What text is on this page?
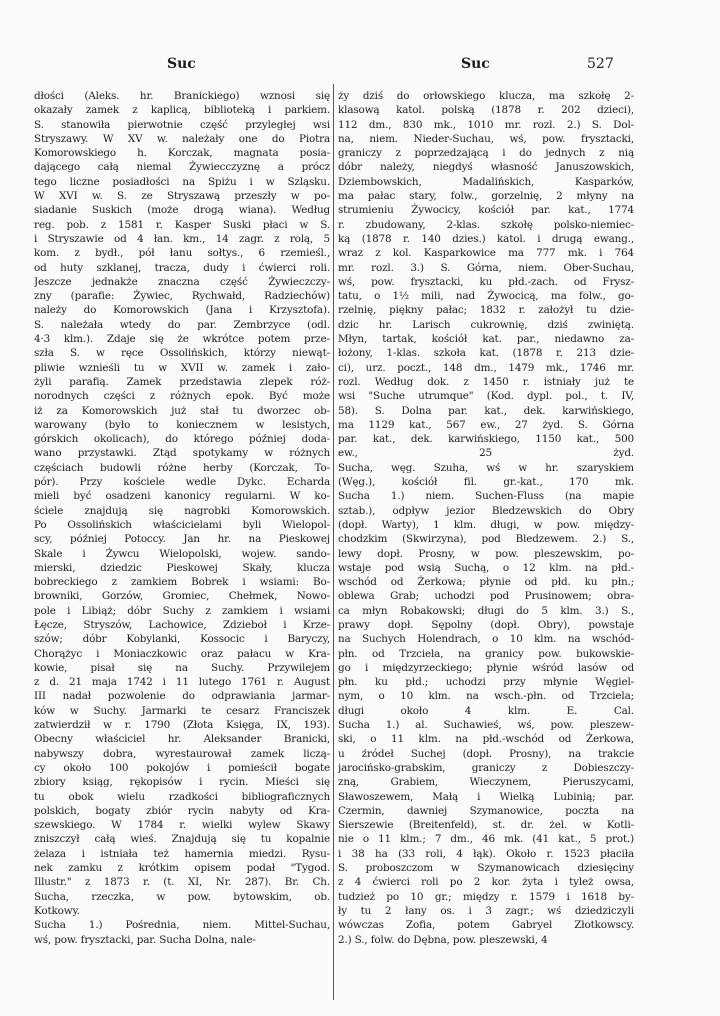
Suc	Suc	527

dłości (Aleks. hr. Branickiego) wznosi się

okazały zamek z kaplicą, biblioteką i parkiem.

S. stanowiła pierwotnie część przyległej wsi

Stryszawy. W XV w. należały one do Piotra

Komorowskiego h. Korczak, magnata posia-

dającego całą niemal Żywiecczyznę a prócz

tego liczne posiadłości na Spiżu i w Szląsku.

W XVI w. S. ze Stryszawą przeszły w po-

siadanie Suskich (może drogą wiana). Według

reg. pob. z 1581 r. Kasper Suski płaci w S.

i Stryszawie od 4 łan. km., 14 zagr. z rolą, 5

kom. z bydł., pół łanu sołtys., 6 rzemieśl.,

od huty szklanej, tracza, dudy i ćwierci roli.

Jeszcze jednakże znaczna część Żywieczczy-

zny (parafie: Żywiec, Rychwałd, Radziechów)

należy do Komorowskich (Jana i Krzysztofa).

S. należała wtedy do par. Zembrzyce (odl.

4·3 klm.). Zdaje się że wkrótce potem prze-

szła S. w ręce Ossolińskich, którzy niewąt-

pliwie wznieśli tu w XVII w. zamek i zało-

żyli parafią. Zamek przedstawia zlepek róż-

norodnych części z różnych epok. Być może

iż za Komorowskich już stał tu dworzec ob-

warowany (było to koniecznem w lesistych,

górskich okolicach), do którego później doda-

wano przystawki. Ztąd spotykamy w różnych

częściach budowli różne herby (Korczak, To-

pór). Przy kościele wedle Dykc. Echarda

mieli być osadzeni kanonicy regularni. W ko-

ściele znajdują się nagrobki Komorowskich.

Po Ossolińskich właścicielami byli Wielopol-

scy, później Potoccy. Jan hr. na Pieskowej

Skale i Żywcu Wielopolski, wojew. sando-

mierski, dziedzic Pieskowej Skały, klucza

bobreckiego z zamkiem Bobrek i wsiami: Bo-

browniki, Gorzów, Gromiec, Chełmek, Nowo-

pole i Libiąż; dóbr Suchy z zamkiem i wsiami

Łęcze, Stryszów, Lachowice, Zdzieboł i Krze-

szów; dóbr Kobylanki, Kossocic i Baryczy,

Chorążyc i Moniaczkowic oraz pałacu w Kra-

kowie, pisał się na Suchy. Przywilejem

z d. 21 maja 1742 i 11 lutego 1761 r. August

III nadał pozwolenie do odprawiania jarmar-

ków w Suchy. Jarmarki te cesarz Franciszek

zatwierdził w r. 1790 (Złota Księga, IX, 193).

Obecny właściciel hr. Aleksander Branicki,

nabywszy dobra, wyrestaurował zamek liczą-

cy około 100 pokojów i pomieścił bogate

zbiory ksiąg, rękopisów i rycin. Mieści się

tu obok wielu rzadkości bibliograficznych

polskich, bogaty zbiór rycin nabyty od Kra-

szewskiego. W 1784 r. wielki wylew Skawy

zniszczył całą wieś. Znajdują się tu kopalnie

żelaza i istniała też hamernia miedzi. Rysu-

nek zamku z krótkim opisem podał "Tygod.

Illustr." z 1873 r. (t. XI, Nr. 287). Br. Ch.

Sucha, rzeczka, w pow. bytowskim, ob.

Kotkowy.

Sucha 1.) Pośrednia, niem. Mittel-Suchau,

wś, pow. frysztacki, par. Sucha Dolna, nale-

ży dziś do orłowskiego klucza, ma szkołę 2-

klasową katol. polską (1878 r. 202 dzieci),

112 dm., 830 mk., 1010 mr. rozl. 2.) S. Dol-

na, niem. Nieder-Suchau, wś, pow. frysztacki,

graniczy z poprzedzającą i do jednych z nią

dóbr należy, niegdyś własność Januszowskich,

Dziembowskich, Madalińskich, Kasparków,

ma pałac stary, folw., gorzelnię, 2 młyny na

strumieniu Żywocicy, kościół par. kat., 1774

r. zbudowany, 2-klas. szkołę polsko-niemiec-

ką (1878 r. 140 dzies.) katol. i drugą ewang.,

wraz z kol. Kasparkowice ma 777 mk. i 764

mr. rozl. 3.) S. Górna, niem. Ober-Suchau,

wś, pow. frysztacki, ku płd.-zach. od Frysz-

tatu, o 1½ mili, nad Żywocicą, ma folw., go-

rzelnię, piękny pałac; 1832 r. założył tu dzie-

dzic hr. Larisch cukrownię, dziś zwiniętą.

Młyn, tartak, kościół kat. par., niedawno za-

łożony, 1-klas. szkoła kat. (1878 r. 213 dzie-

ci), urz. poczt., 148 dm., 1479 mk., 1746 mr.

rozl. Według dok. z 1450 r. istniały już te

wsi "Suche utrumque" (Kod. dypl. pol., t. IV,

58). S. Dolna par. kat., dek. karwińskiego,

ma 1129 kat., 567 ew., 27 żyd. S. Górna

par. kat., dek. karwińskiego, 1150 kat., 500

ew., 25 żyd.

Sucha, węg. Szuha, wś w hr. szaryskiem

(Węg.), kościół fil. gr.-kat., 170 mk.

Sucha 1.) niem. Suchen-Fluss (na mapie

sztab.), odpływ jezior Bledzewskich do Obry

(dopł. Warty), 1 klm. długi, w pow. między-

chodzkim (Skwirzyna), pod Bledzewem. 2.) S.,

lewy dopł. Prosny, w pow. pleszewskim, po-

wstaje pod wsią Suchą, o 12 klm. na płd.-

wschód od Żerkowa; płynie od płd. ku płn.;

oblewa Grab; uchodzi pod Prusinowem; obra-

ca młyn Robakowski; długi do 5 klm. 3.) S.,

prawy dopł. Sępolny (dopł. Obry), powstaje

na Suchych Holendrach, o 10 klm. na wschód-

płn. od Trzciela, na granicy pow. bukowskie-

go i międzyrzeckiego; płynie wśród lasów od

płn. ku płd.; uchodzi przy młynie Węgiel-

nym, o 10 klm. na wsch.-płn. od Trzciela;

długi około 4 klm. E. Cal.

Sucha 1.) al. Suchawieś, wś, pow. pleszew-

ski, o 11 klm. na płd.-wschód od Żerkowa,

u źródeł Suchej (dopł. Prosny), na trakcie

jarocińsko-grabskim, graniczy z Dobieszczy-

zną, Grabiem, Wieczynem, Pieruszycami,

Sławoszewem, Małą i Wielką Lubinią; par.

Czermin, dawniej Szymanowice, poczta na

Sierszewie (Breitenfeld), st. dr. żel. w Kotli-

nie o 11 klm.; 7 dm., 46 mk. (41 kat., 5 prot.)

i 38 ha (33 roli, 4 łąk). Około r. 1523 płaciła

S. proboszczom w Szymanowicach dziesięciny

z 4 ćwierci roli po 2 kor. żyta i tyleż owsa,

tudzież po 10 gr.; między r. 1579 i 1618 by-

ły tu 2 łany os. i 3 zagr.; wś dziedziczyli

wówczas Zofia, potem Gabryel Złotkowscy.

2.) S., folw. do Dębna, pow. pleszewski, 4
